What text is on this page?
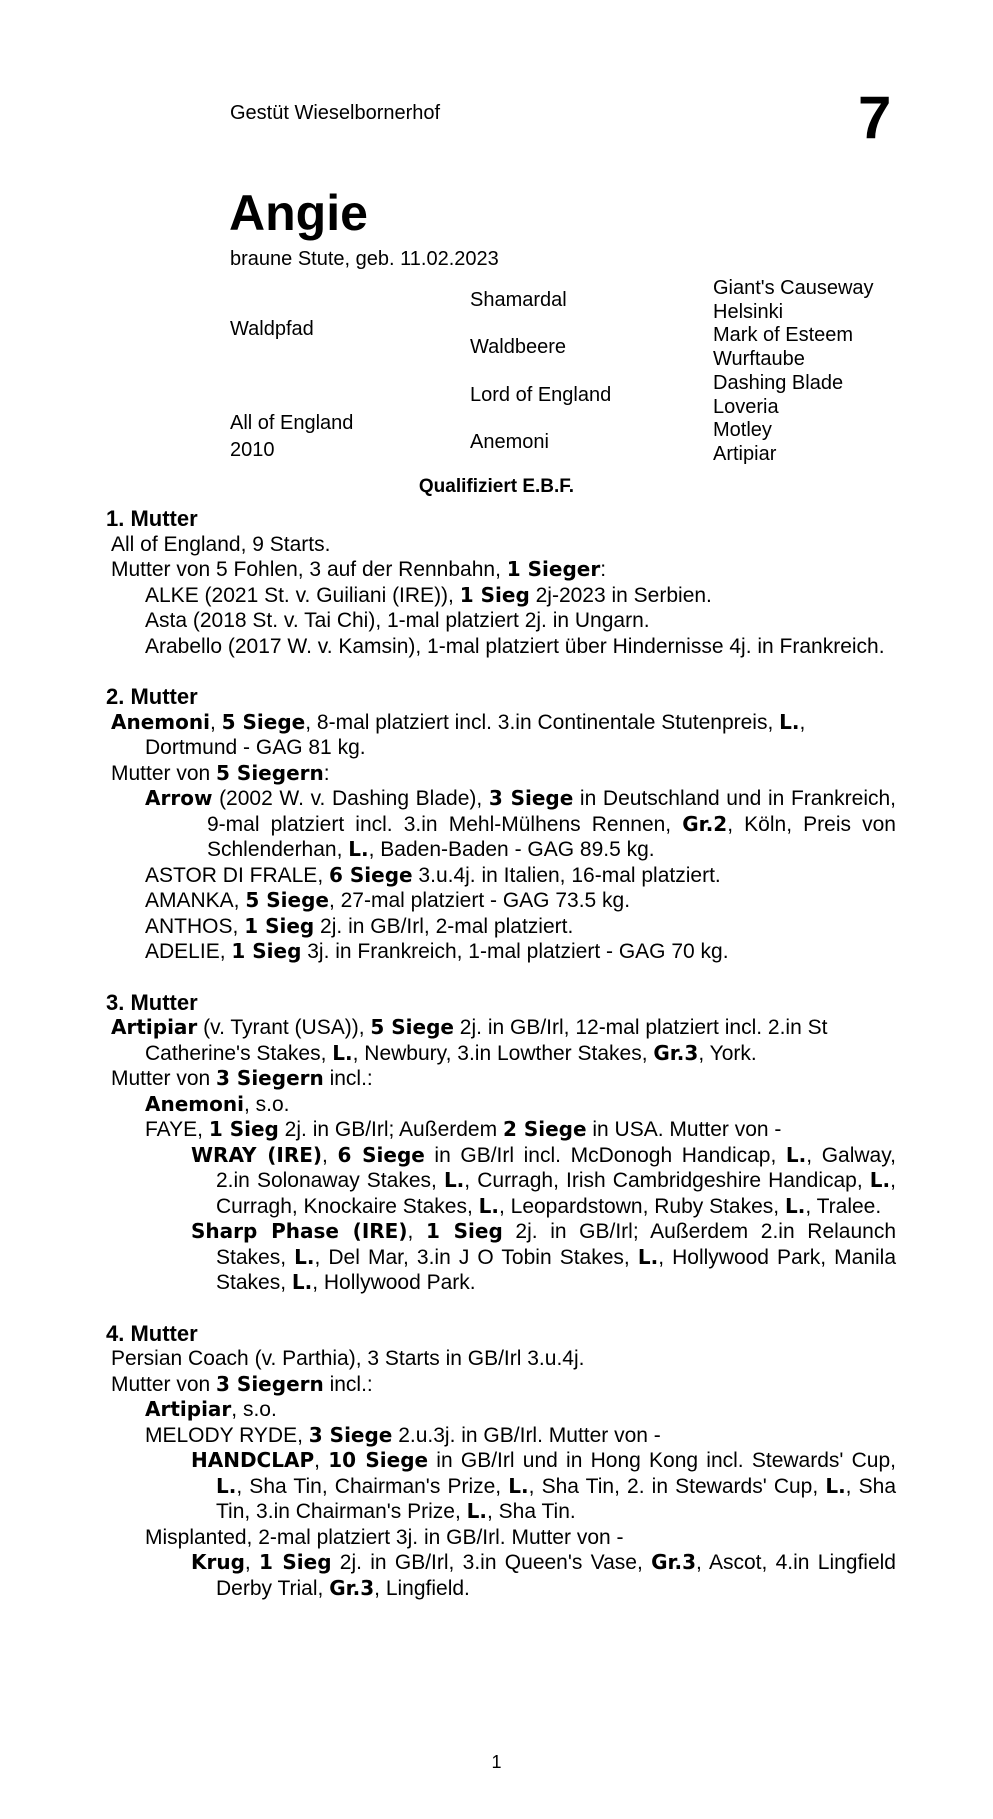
Gestüt Wieselbornerhof	7
Angie
braune Stute, geb. 11.02.2023
Waldpfad
All of England
2010
Shamardal
Waldbeere
Lord of England
Anemoni
Giant's Causeway
Helsinki
Mark of Esteem
Wurftaube
Dashing Blade
Loveria
Motley
Artipiar
Qualifiziert E.B.F.
1. Mutter
All of England, 9 Starts.
Mutter von 5 Fohlen, 3 auf der Rennbahn, 1 Sieger:
ALKE (2021 St. v. Guiliani (IRE)), 1 Sieg 2j-2023 in Serbien.
Asta (2018 St. v. Tai Chi), 1-mal platziert 2j. in Ungarn.
Arabello (2017 W. v. Kamsin), 1-mal platziert über Hindernisse 4j. in Frankreich.
2. Mutter
Anemoni, 5 Siege, 8-mal platziert incl. 3.in Continentale Stutenpreis, L., Dortmund - GAG 81 kg.
Mutter von 5 Siegern:
Arrow (2002 W. v. Dashing Blade), 3 Siege in Deutschland und in Frankreich, 9-mal platziert incl. 3.in Mehl-Mülhens Rennen, Gr.2, Köln, Preis von Schlenderhan, L., Baden-Baden - GAG 89.5 kg.
ASTOR DI FRALE, 6 Siege 3.u.4j. in Italien, 16-mal platziert.
AMANKA, 5 Siege, 27-mal platziert - GAG 73.5 kg.
ANTHOS, 1 Sieg 2j. in GB/Irl, 2-mal platziert.
ADELIE, 1 Sieg 3j. in Frankreich, 1-mal platziert - GAG 70 kg.
3. Mutter
Artipiar (v. Tyrant (USA)), 5 Siege 2j. in GB/Irl, 12-mal platziert incl. 2.in St Catherine's Stakes, L., Newbury, 3.in Lowther Stakes, Gr.3, York.
Mutter von 3 Siegern incl.:
Anemoni, s.o.
FAYE, 1 Sieg 2j. in GB/Irl; Außerdem 2 Siege in USA. Mutter von -
WRAY (IRE), 6 Siege in GB/Irl incl. McDonogh Handicap, L., Galway, 2.in Solonaway Stakes, L., Curragh, Irish Cambridgeshire Handicap, L., Curragh, Knockaire Stakes, L., Leopardstown, Ruby Stakes, L., Tralee.
Sharp Phase (IRE), 1 Sieg 2j. in GB/Irl; Außerdem 2.in Relaunch Stakes, L., Del Mar, 3.in J O Tobin Stakes, L., Hollywood Park, Manila Stakes, L., Hollywood Park.
4. Mutter
Persian Coach (v. Parthia), 3 Starts in GB/Irl 3.u.4j.
Mutter von 3 Siegern incl.:
Artipiar, s.o.
MELODY RYDE, 3 Siege 2.u.3j. in GB/Irl. Mutter von -
HANDCLAP, 10 Siege in GB/Irl und in Hong Kong incl. Stewards' Cup, L., Sha Tin, Chairman's Prize, L., Sha Tin, 2. in Stewards' Cup, L., Sha Tin, 3.in Chairman's Prize, L., Sha Tin.
Misplanted, 2-mal platziert 3j. in GB/Irl. Mutter von -
Krug, 1 Sieg 2j. in GB/Irl, 3.in Queen's Vase, Gr.3, Ascot, 4.in Lingfield Derby Trial, Gr.3, Lingfield.
1
